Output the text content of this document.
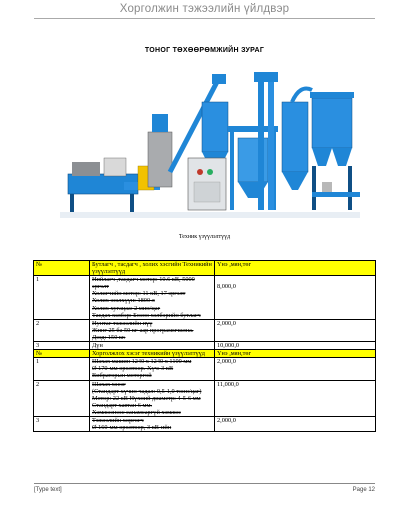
Хорголжин тэжээлийн үйлдвэр
ТОНОГ ТӨХӨӨРӨМЖИЙН ЗУРАГ
Техник үзүүлэлтүүд
№	Бутлагч , тасдагч , холих хэсгийн Техникийн үзүүлэлтүүд	Үнэ ,мян,төг

1	Нийлагч ,тасдагч мотор: 10.6 кВ, 5000 эргэлт
Холигчийн мотор: 11 кВ, 17 эргэлт
Холих эзэлхүүн: 1800 л
Холих хугацаа: 2 мин/цаг
Тасдах хэлбэр: Босоо хэлбэрийн бутлагч	8,000,0

2	Нунтаг тэжээлийн пүү
Жинг 25 ба 50 кг-аар программчилна.
Дээд: 150 кг.	2,000,0

3	Дүн	10,000,0

№	Хорголжлох хэсэг техникийн үзүүлэлтүүд	Үнэ ,мян,төг

1	Шахах машин 1240 х 1240 х 1100 мм
Ø 170-мм оролтоор. Хүч: 3 кВ
Вибраторын моторгой	2,000,0

2	Шахах хэсэг
(Стандарт хүчин чадал: 0,5-1,0 тонн/цаг)
Мотор: 22 кВ Нүхний диаметр: 4-5-6 мм
Стандарт хавтан 6 мм.
Хэмжээнээс санамсаргүй хэмжээ	11,000,0

3	Тэжээлийн хөргөгч
Ø 160-мм оролтоор, 3 кВ-ийн	2,000,0
[Type text]	Page 12
